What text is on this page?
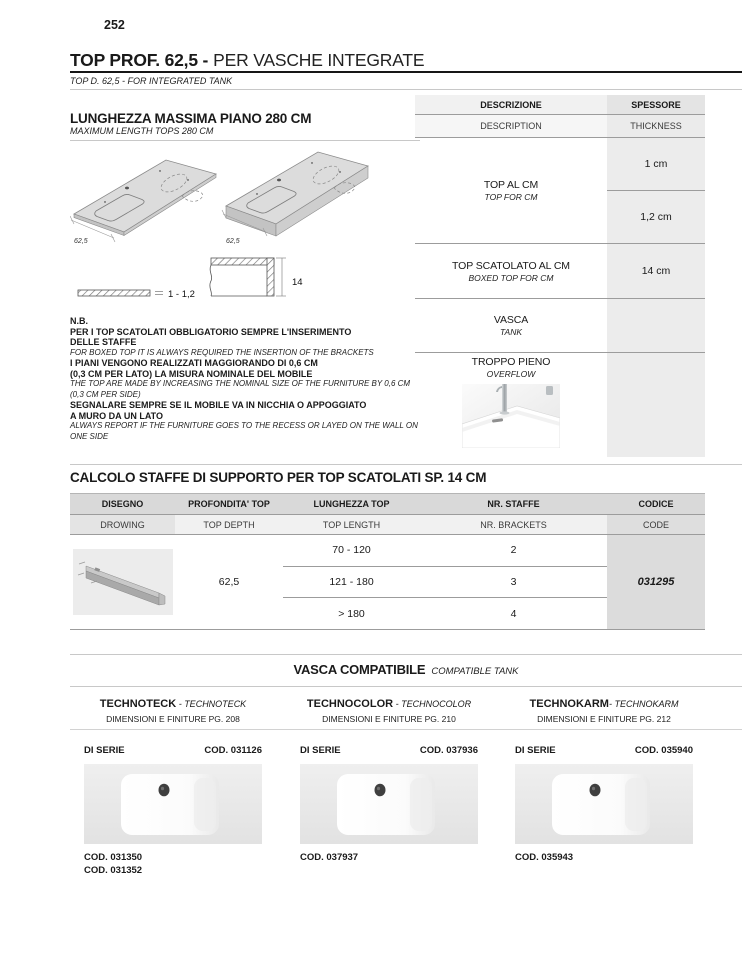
252
TOP PROF. 62,5 - PER VASCHE INTEGRATE
TOP D. 62,5 - FOR INTEGRATED TANK
LUNGHEZZA MASSIMA PIANO 280 CM
MAXIMUM LENGTH TOPS 280 CM
62,5	62,5
1 - 1,2
14
N.B.
PER I TOP SCATOLATI OBBLIGATORIO SEMPRE L'INSERIMENTO
DELLE STAFFE
FOR BOXED TOP IT IS ALWAYS REQUIRED THE INSERTION OF THE BRACKETS
I PIANI VENGONO REALIZZATI MAGGIORANDO DI 0,6 CM
(0,3 CM PER LATO) LA MISURA NOMINALE DEL MOBILE
THE TOP ARE MADE BY INCREASING THE NOMINAL SIZE OF THE FURNITURE BY 0,6 CM
(0,3 CM PER SIDE)
SEGNALARE SEMPRE SE IL MOBILE VA IN NICCHIA O APPOGGIATO
A MURO DA UN LATO
ALWAYS REPORT IF THE FURNITURE GOES TO THE RECESS OR LAYED ON THE WALL ON
ONE SIDE
DESCRIZIONE	SPESSORE
DESCRIPTION	THICKNESS
TOP AL CM
TOP FOR CM
1 cm
1,2 cm
TOP SCATOLATO AL CM
BOXED TOP FOR CM
14 cm
VASCA
TANK
TROPPO PIENO
OVERFLOW
CALCOLO STAFFE DI SUPPORTO PER TOP SCATOLATI SP. 14 CM
DISEGNO	PROFONDITA' TOP	LUNGHEZZA TOP	NR. STAFFE	CODICE
DROWING	TOP DEPTH	TOP LENGTH	NR. BRACKETS	CODE
62,5
70 - 120	2
121 - 180	3
> 180	4
031295
VASCA COMPATIBILE COMPATIBLE TANK
TECHNOTECK - TECHNOTECK
DIMENSIONI E FINITURE PG. 208
DI SERIE	COD. 031126
COD. 031350
COD. 031352
TECHNOCOLOR - TECHNOCOLOR
DIMENSIONI E FINITURE PG. 210
DI SERIE	COD. 037936
COD. 037937
TECHNOKARM- TECHNOKARM
DIMENSIONI E FINITURE PG. 212
DI SERIE	COD. 035940
COD. 035943
